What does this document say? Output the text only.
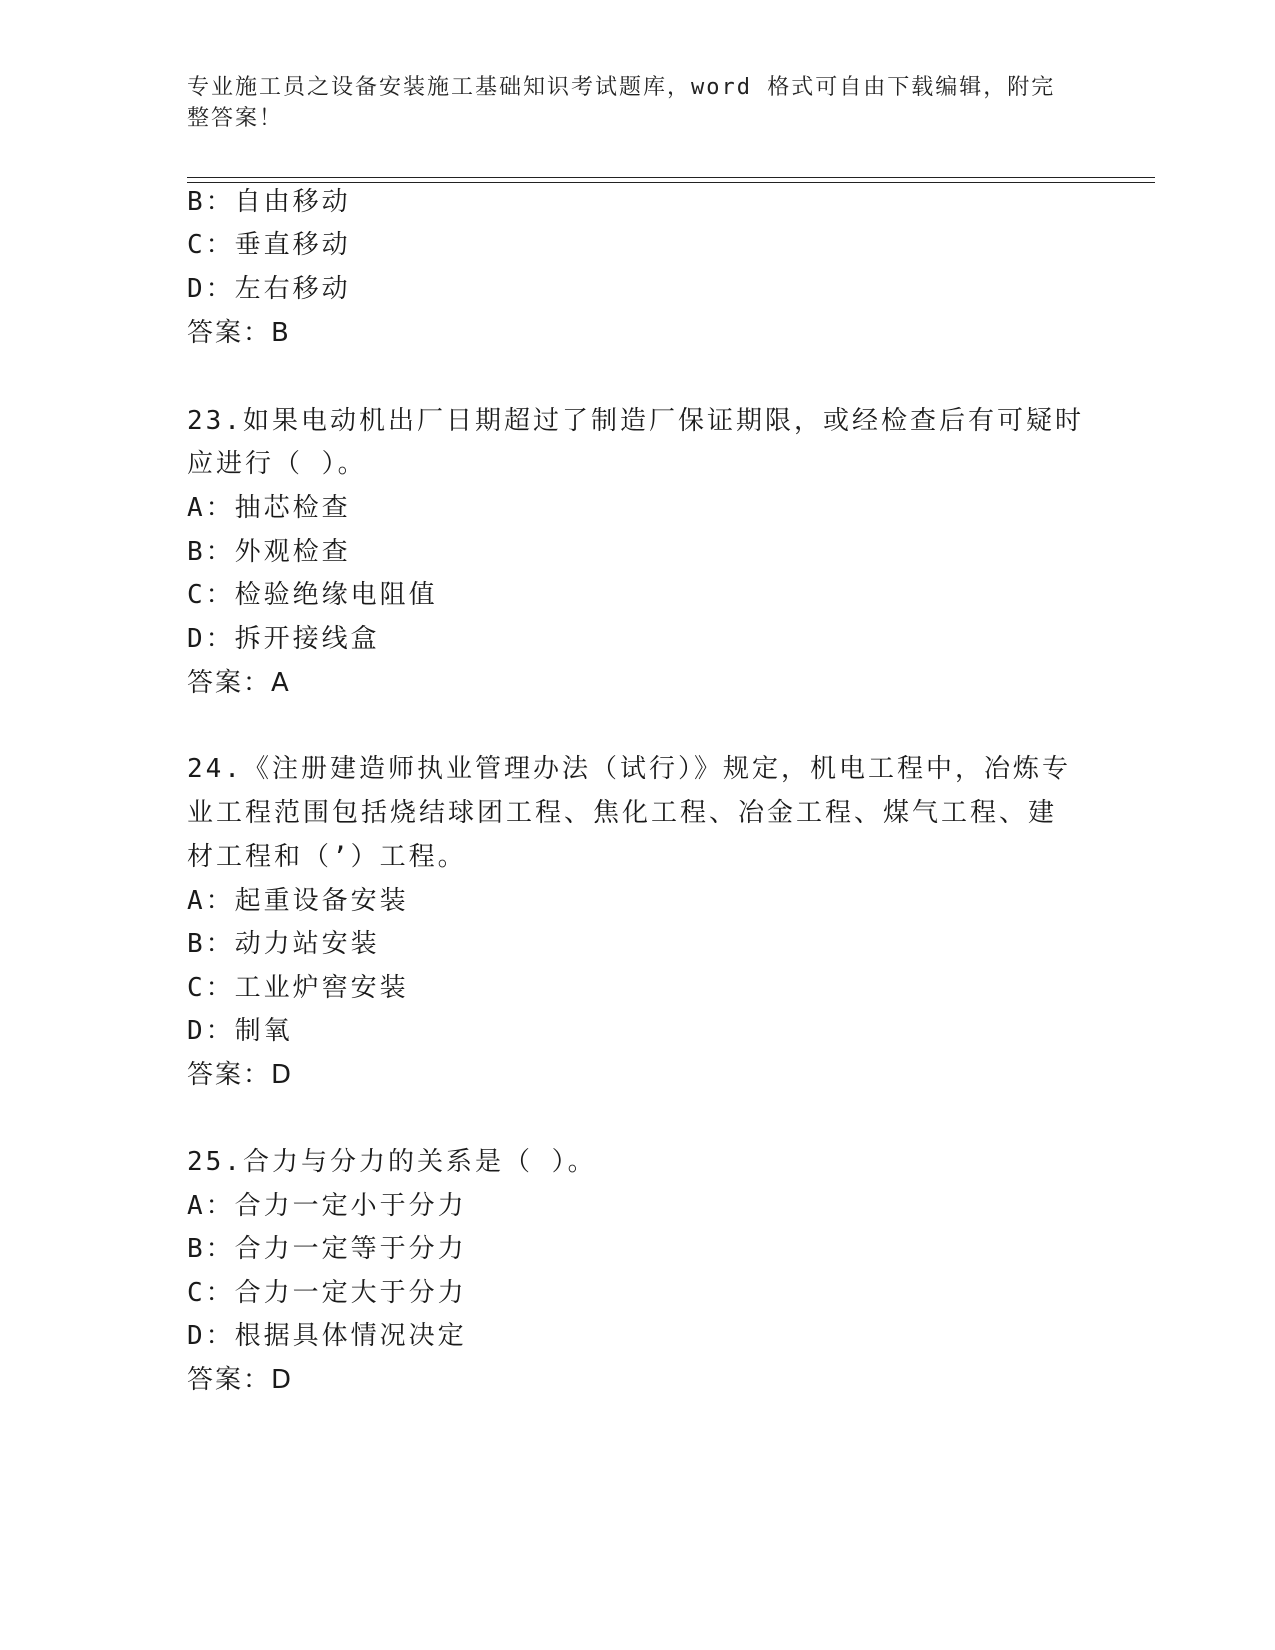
专业施工员之设备安装施工基础知识考试题库，word 格式可自由下载编辑，附完整答案！
B：自由移动
C：垂直移动
D：左右移动
答案：B
23.如果电动机出厂日期超过了制造厂保证期限，或经检查后有可疑时
应进行（ ）。
A：抽芯检查
B：外观检查
C：检验绝缘电阻值
D：拆开接线盒
答案：A
24.《注册建造师执业管理办法（试行）》规定，机电工程中，冶炼专
业工程范围包括烧结球团工程、焦化工程、冶金工程、煤气工程、建
材工程和（’）工程。
A：起重设备安装
B：动力站安装
C：工业炉窖安装
D：制氧
答案：D
25.合力与分力的关系是（ ）。
A：合力一定小于分力
B：合力一定等于分力
C：合力一定大于分力
D：根据具体情况决定
答案：D
